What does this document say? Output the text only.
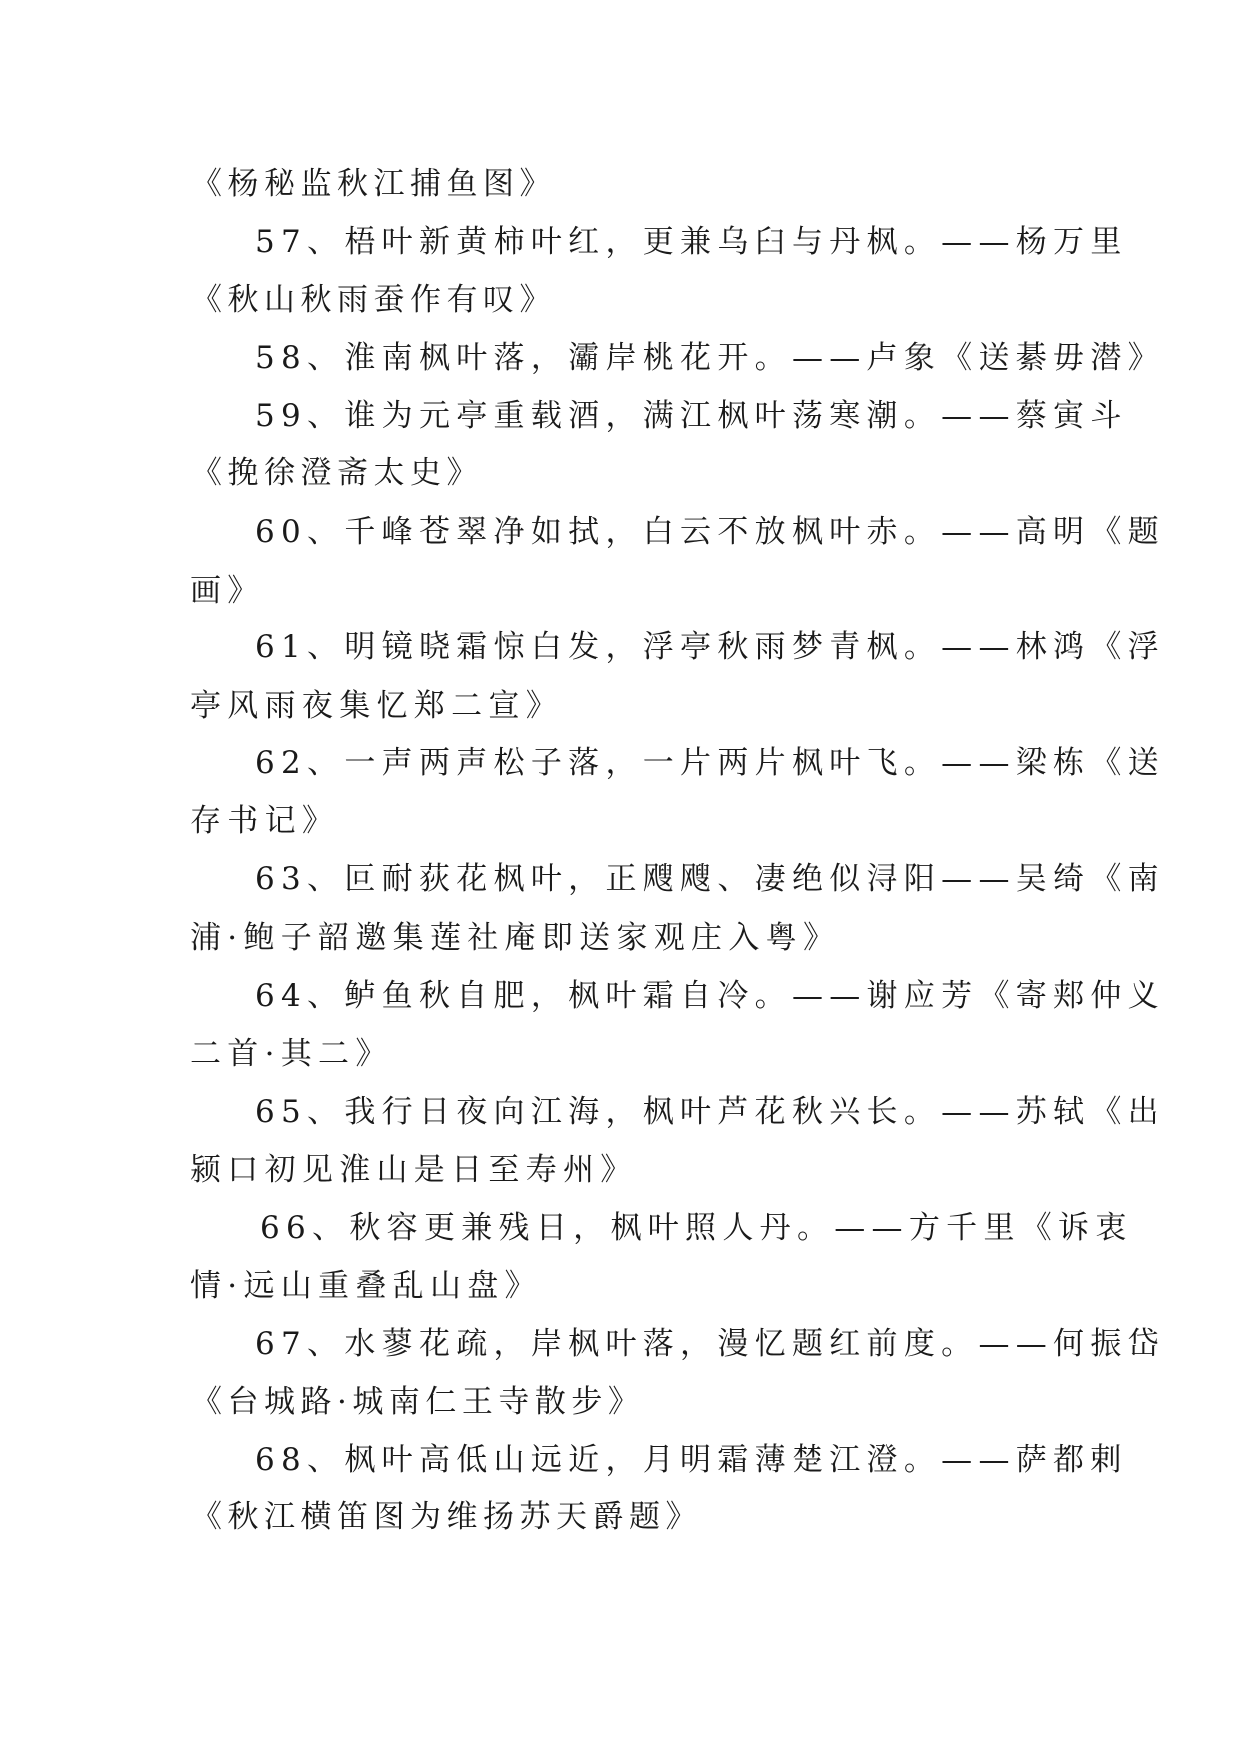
《杨秘监秋江捕鱼图》
57、梧叶新黄柿叶红，更兼乌臼与丹枫。——杨万里
《秋山秋雨蚕作有叹》
58、淮南枫叶落，灞岸桃花开。——卢象《送綦毋潜》
59、谁为元亭重载酒，满江枫叶荡寒潮。——蔡寅斗
《挽徐澄斋太史》
60、千峰苍翠净如拭，白云不放枫叶赤。——高明《题
画》
61、明镜晓霜惊白发，浮亭秋雨梦青枫。——林鸿《浮
亭风雨夜集忆郑二宣》
62、一声两声松子落，一片两片枫叶飞。——梁栋《送
存书记》
63、叵耐荻花枫叶，正飕飕、凄绝似浔阳——吴绮《南
浦·鲍子韶邀集莲社庵即送家观庄入粤》
64、鲈鱼秋自肥，枫叶霜自冷。——谢应芳《寄郏仲义
二首·其二》
65、我行日夜向江海，枫叶芦花秋兴长。——苏轼《出
颍口初见淮山是日至寿州》
66、秋容更兼残日，枫叶照人丹。——方千里《诉衷
情·远山重叠乱山盘》
67、水蓼花疏，岸枫叶落，漫忆题红前度。——何振岱
《台城路·城南仁王寺散步》
68、枫叶高低山远近，月明霜薄楚江澄。——萨都剌
《秋江横笛图为维扬苏天爵题》
